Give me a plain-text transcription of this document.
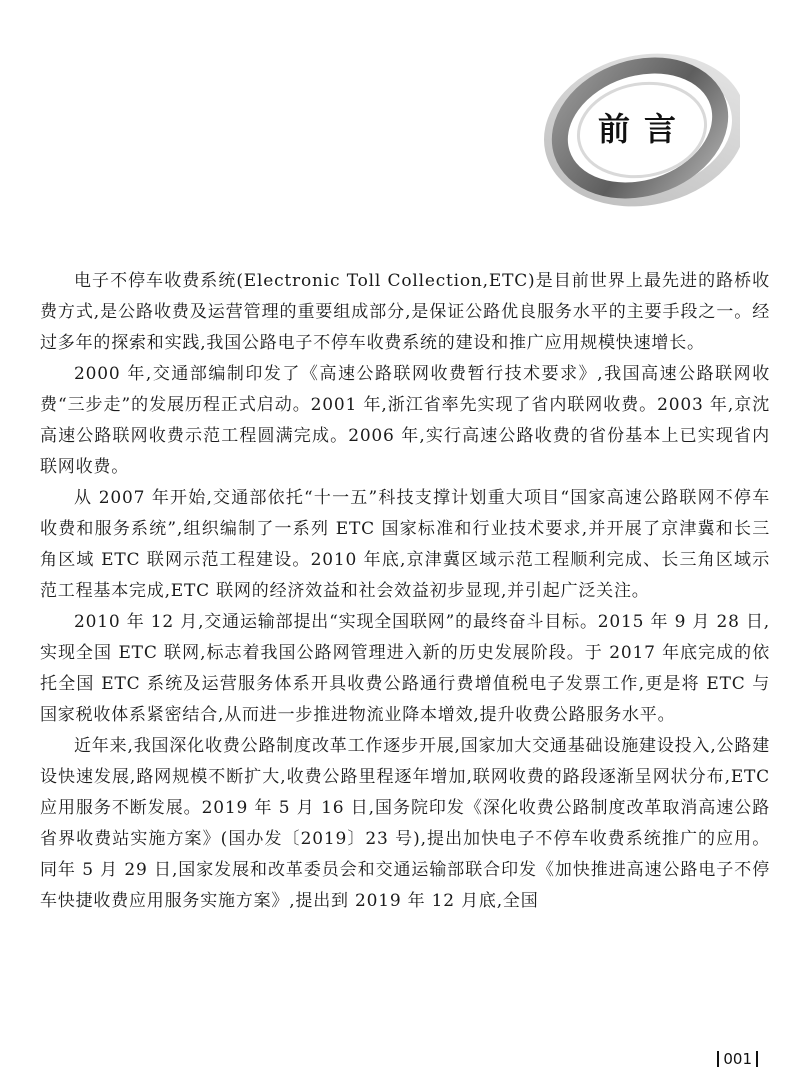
前言

电子不停车收费系统(Electronic Toll Collection,ETC)是目前世界上最先进的路桥收费方式,是公路收费及运营管理的重要组成部分,是保证公路优良服务水平的主要手段之一。经过多年的探索和实践,我国公路电子不停车收费系统的建设和推广应用规模快速增长。

2000 年,交通部编制印发了《高速公路联网收费暂行技术要求》,我国高速公路联网收费“三步走”的发展历程正式启动。2001 年,浙江省率先实现了省内联网收费。2003 年,京沈高速公路联网收费示范工程圆满完成。2006 年,实行高速公路收费的省份基本上已实现省内联网收费。

从 2007 年开始,交通部依托“十一五”科技支撑计划重大项目“国家高速公路联网不停车收费和服务系统”,组织编制了一系列 ETC 国家标准和行业技术要求,并开展了京津冀和长三角区域 ETC 联网示范工程建设。2010 年底,京津冀区域示范工程顺利完成、长三角区域示范工程基本完成,ETC 联网的经济效益和社会效益初步显现,并引起广泛关注。

2010 年 12 月,交通运输部提出“实现全国联网”的最终奋斗目标。2015 年 9 月 28 日,实现全国 ETC 联网,标志着我国公路网管理进入新的历史发展阶段。于 2017 年底完成的依托全国 ETC 系统及运营服务体系开具收费公路通行费增值税电子发票工作,更是将 ETC 与国家税收体系紧密结合,从而进一步推进物流业降本增效,提升收费公路服务水平。

近年来,我国深化收费公路制度改革工作逐步开展,国家加大交通基础设施建设投入,公路建设快速发展,路网规模不断扩大,收费公路里程逐年增加,联网收费的路段逐渐呈网状分布,ETC 应用服务不断发展。2019 年 5 月 16 日,国务院印发《深化收费公路制度改革取消高速公路省界收费站实施方案》(国办发〔2019〕23 号),提出加快电子不停车收费系统推广的应用。同年 5 月 29 日,国家发展和改革委员会和交通运输部联合印发《加快推进高速公路电子不停车快捷收费应用服务实施方案》,提出到 2019 年 12 月底,全国

001
